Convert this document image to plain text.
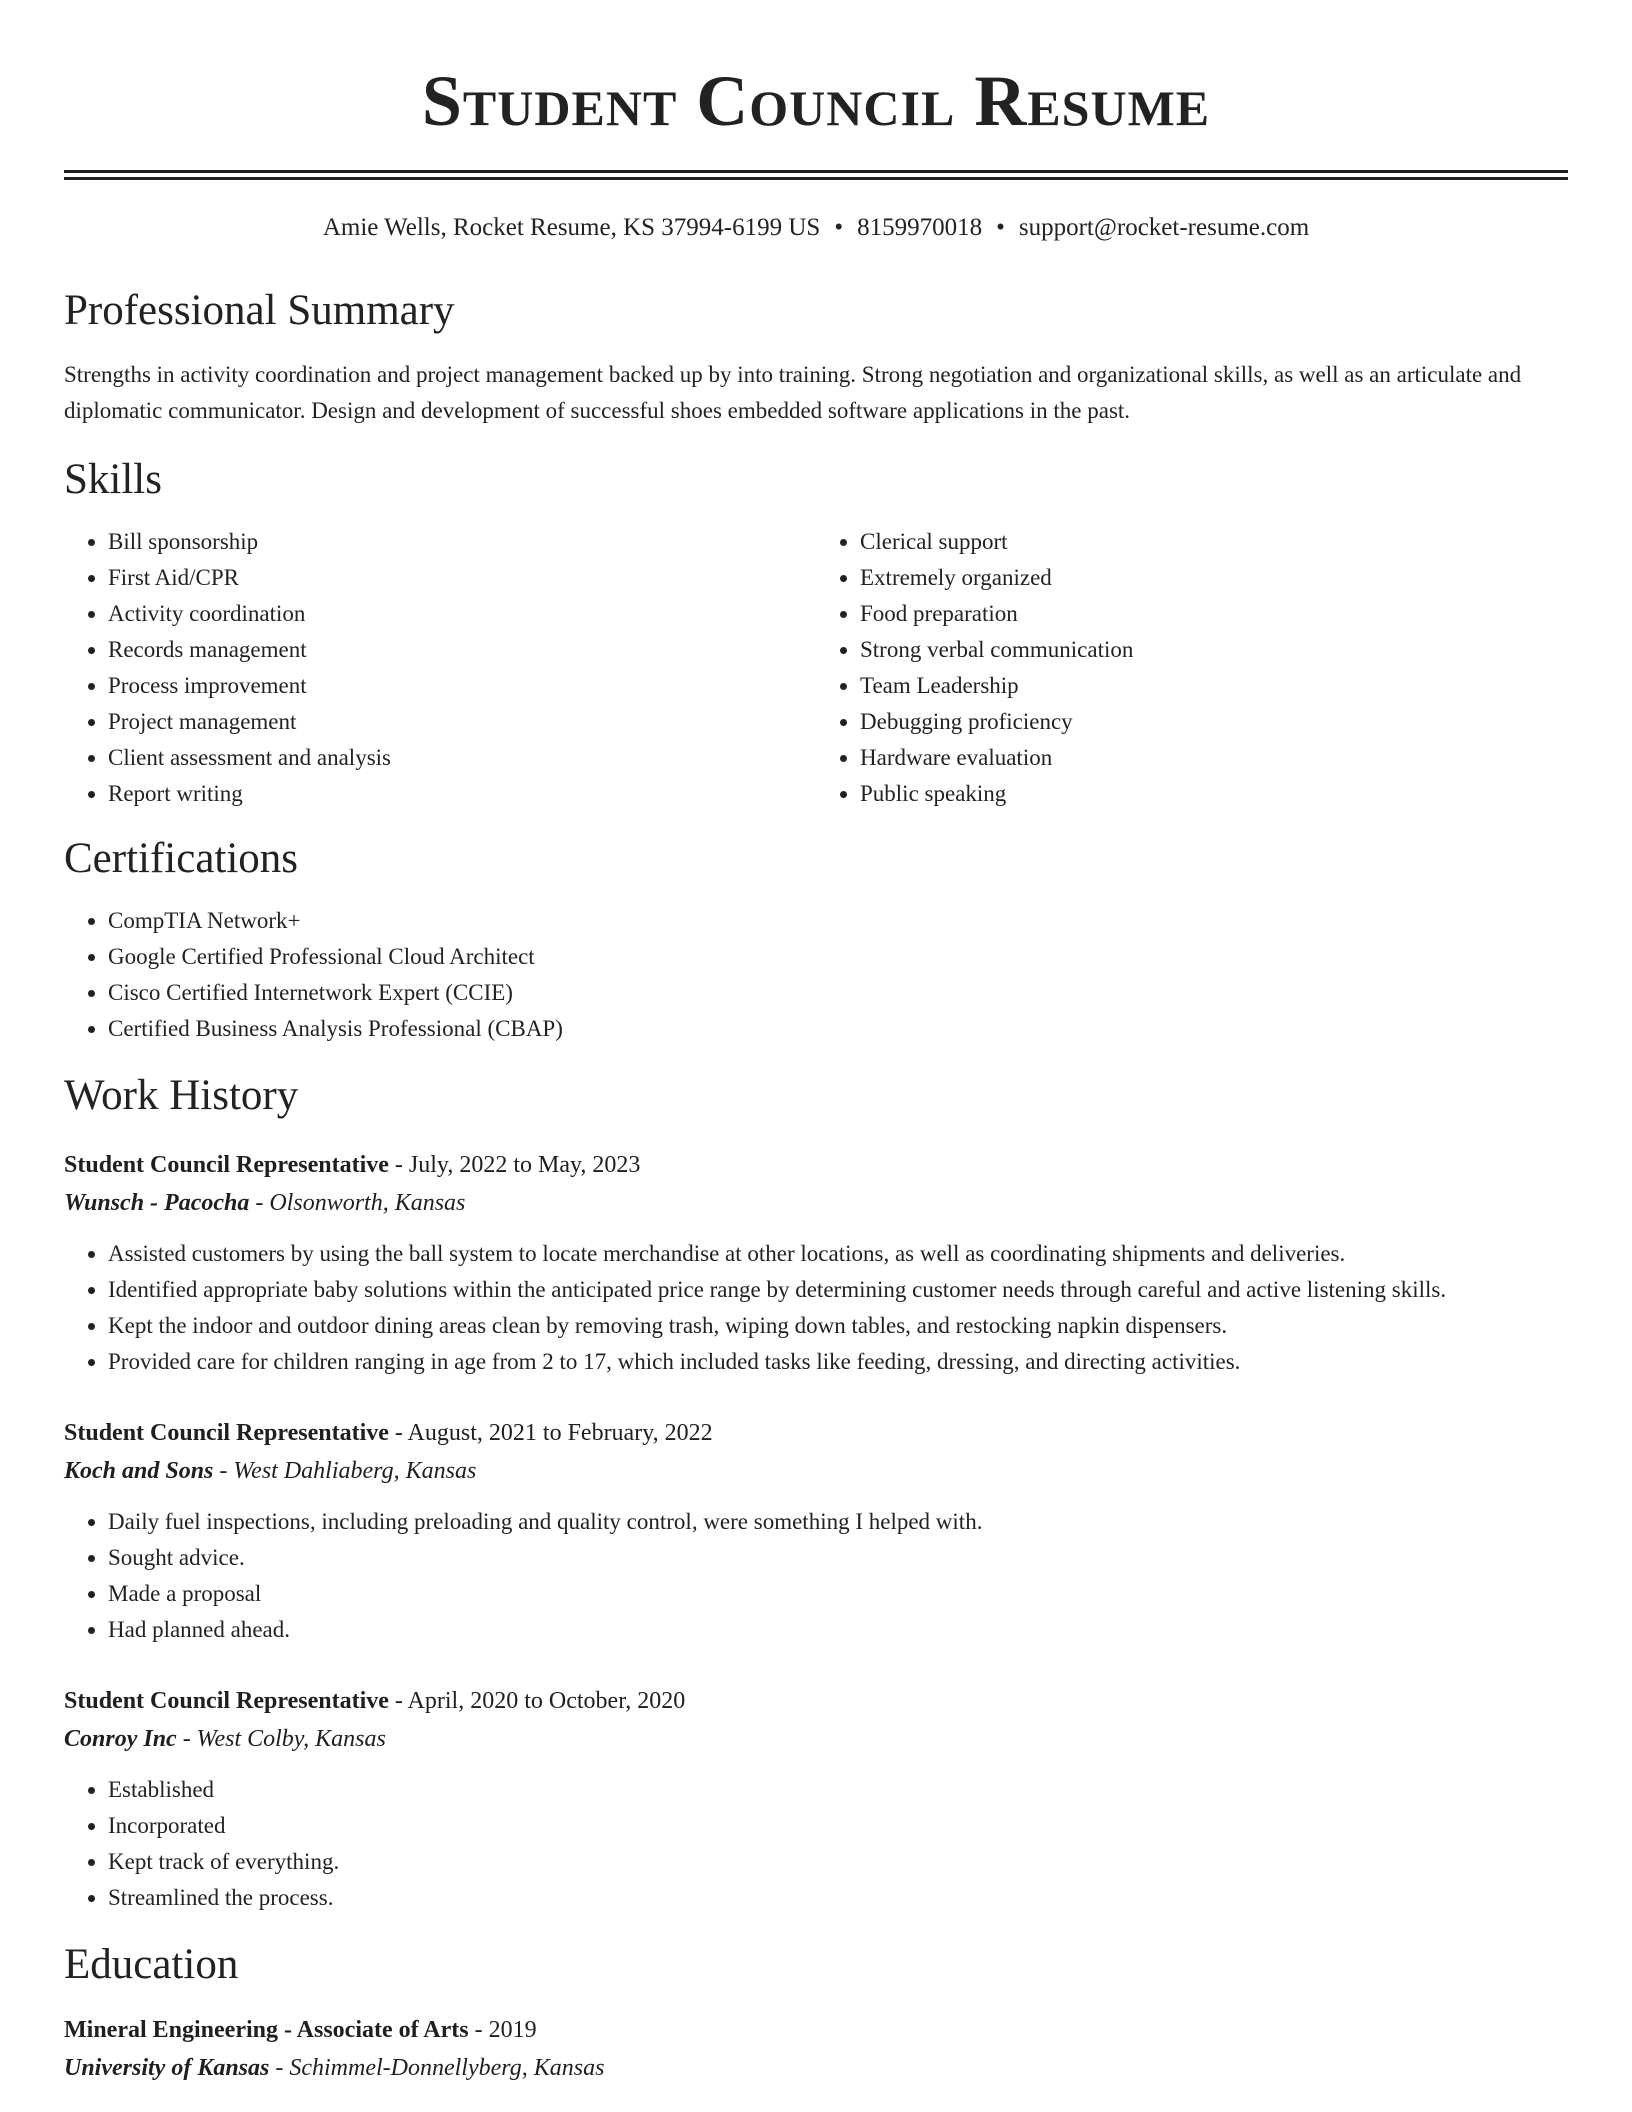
Student Council Resume
Amie Wells, Rocket Resume, KS 37994-6199 US • 8159970018 • support@rocket-resume.com
Professional Summary
Strengths in activity coordination and project management backed up by into training. Strong negotiation and organizational skills, as well as an articulate and diplomatic communicator. Design and development of successful shoes embedded software applications in the past.
Skills
• Bill sponsorship
• First Aid/CPR
• Activity coordination
• Records management
• Process improvement
• Project management
• Client assessment and analysis
• Report writing
• Clerical support
• Extremely organized
• Food preparation
• Strong verbal communication
• Team Leadership
• Debugging proficiency
• Hardware evaluation
• Public speaking
Certifications
• CompTIA Network+
• Google Certified Professional Cloud Architect
• Cisco Certified Internetwork Expert (CCIE)
• Certified Business Analysis Professional (CBAP)
Work History
Student Council Representative - July, 2022 to May, 2023
Wunsch - Pacocha - Olsonworth, Kansas
• Assisted customers by using the ball system to locate merchandise at other locations, as well as coordinating shipments and deliveries.
• Identified appropriate baby solutions within the anticipated price range by determining customer needs through careful and active listening skills.
• Kept the indoor and outdoor dining areas clean by removing trash, wiping down tables, and restocking napkin dispensers.
• Provided care for children ranging in age from 2 to 17, which included tasks like feeding, dressing, and directing activities.
Student Council Representative - August, 2021 to February, 2022
Koch and Sons - West Dahliaberg, Kansas
• Daily fuel inspections, including preloading and quality control, were something I helped with.
• Sought advice.
• Made a proposal
• Had planned ahead.
Student Council Representative - April, 2020 to October, 2020
Conroy Inc - West Colby, Kansas
• Established
• Incorporated
• Kept track of everything.
• Streamlined the process.
Education
Mineral Engineering - Associate of Arts - 2019
University of Kansas - Schimmel-Donnellyberg, Kansas
